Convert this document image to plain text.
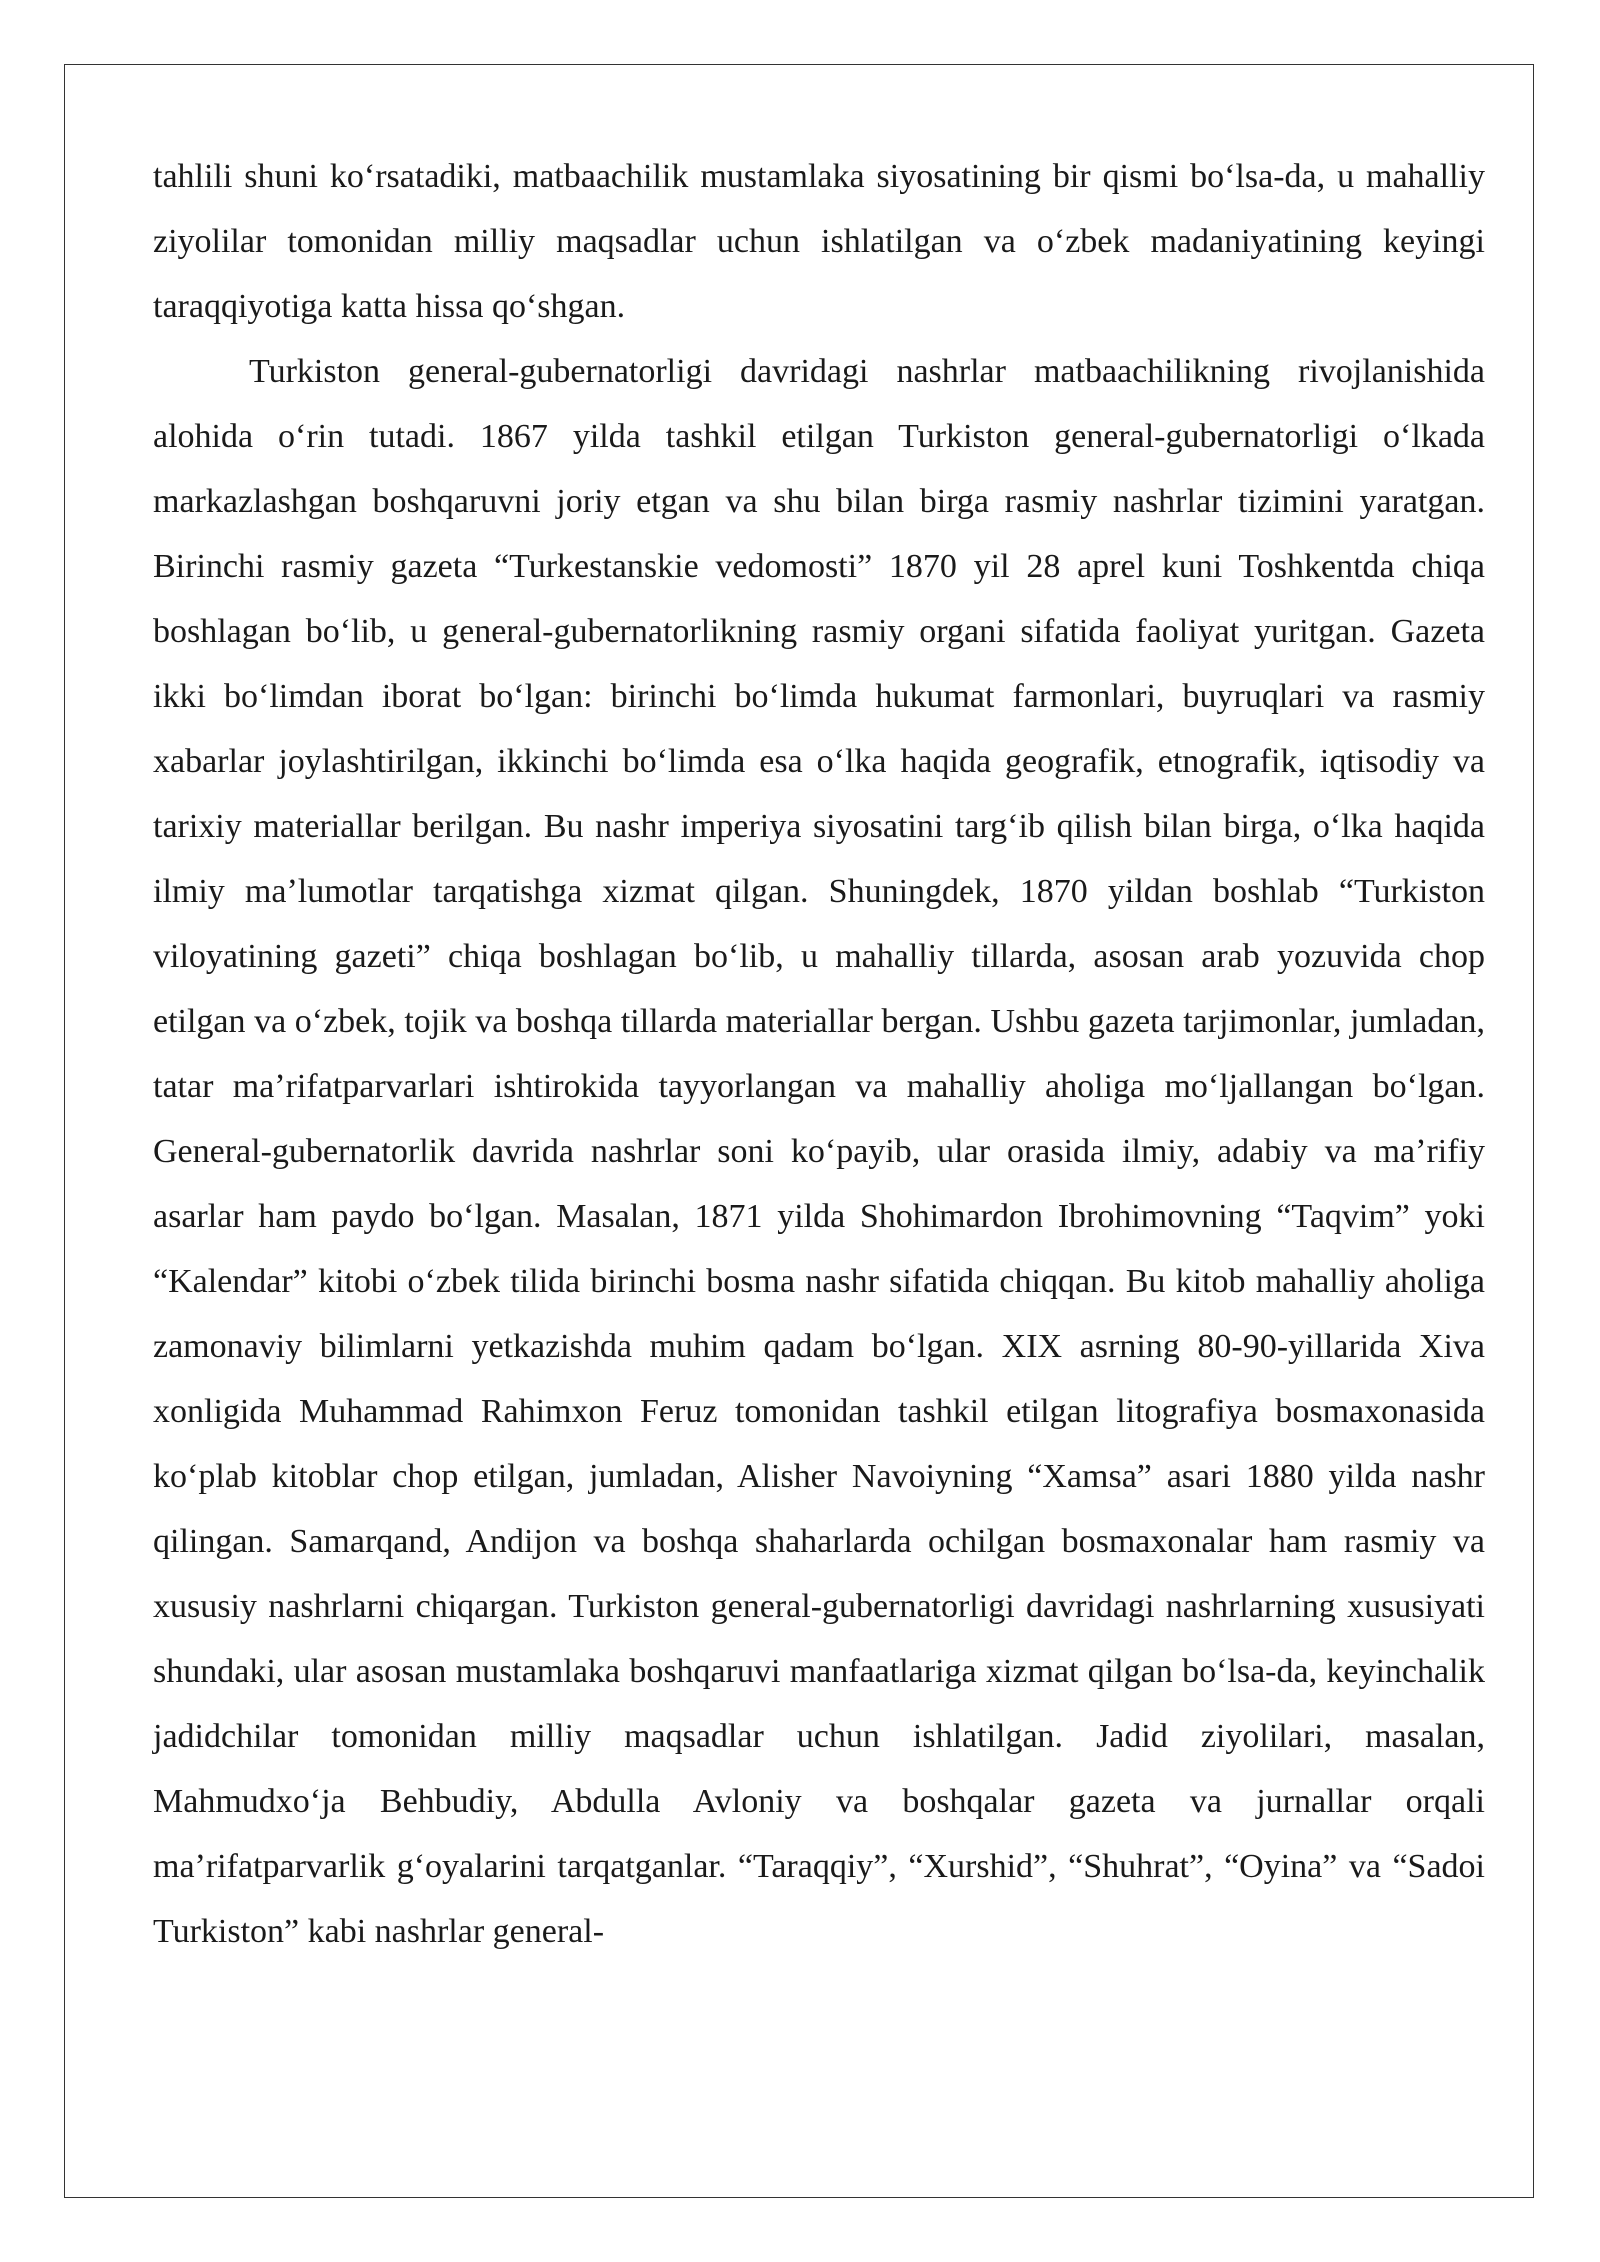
tahlili shuni koʻrsatadiki, matbaachilik mustamlaka siyosatining bir qismi boʻlsa-da, u mahalliy ziyolilar tomonidan milliy maqsadlar uchun ishlatilgan va oʻzbek madaniyatining keyingi taraqqiyotiga katta hissa qoʻshgan.

Turkiston general-gubernatorligi davridagi nashrlar matbaachilikning rivojlanishida alohida oʻrin tutadi. 1867 yilda tashkil etilgan Turkiston general-gubernatorligi oʻlkada markazlashgan boshqaruvni joriy etgan va shu bilan birga rasmiy nashrlar tizimini yaratgan. Birinchi rasmiy gazeta “Turkestanskie vedomosti” 1870 yil 28 aprel kuni Toshkentda chiqa boshlagan boʻlib, u general-gubernatorlikning rasmiy organi sifatida faoliyat yuritgan. Gazeta ikki boʻlimdan iborat boʻlgan: birinchi boʻlimda hukumat farmonlari, buyruqlari va rasmiy xabarlar joylashtirilgan, ikkinchi boʻlimda esa oʻlka haqida geografik, etnografik, iqtisodiy va tarixiy materiallar berilgan. Bu nashr imperiya siyosatini targʻib qilish bilan birga, oʻlka haqida ilmiy maʼlumotlar tarqatishga xizmat qilgan. Shuningdek, 1870 yildan boshlab “Turkiston viloyatining gazeti” chiqa boshlagan boʻlib, u mahalliy tillarda, asosan arab yozuvida chop etilgan va oʻzbek, tojik va boshqa tillarda materiallar bergan. Ushbu gazeta tarjimonlar, jumladan, tatar maʼrifatparvarlari ishtirokida tayyorlangan va mahalliy aholiga moʻljallangan boʻlgan. General-gubernatorlik davrida nashrlar soni koʻpayib, ular orasida ilmiy, adabiy va maʼrifiy asarlar ham paydo boʻlgan. Masalan, 1871 yilda Shohimardon Ibrohimovning “Taqvim” yoki “Kalendar” kitobi oʻzbek tilida birinchi bosma nashr sifatida chiqqan. Bu kitob mahalliy aholiga zamonaviy bilimlarni yetkazishda muhim qadam boʻlgan. XIX asrning 80-90-yillarida Xiva xonligida Muhammad Rahimxon Feruz tomonidan tashkil etilgan litografiya bosmaxonasida koʻplab kitoblar chop etilgan, jumladan, Alisher Navoiyning “Xamsa” asari 1880 yilda nashr qilingan. Samarqand, Andijon va boshqa shaharlarda ochilgan bosmaxonalar ham rasmiy va xususiy nashrlarni chiqargan. Turkiston general-gubernatorligi davridagi nashrlarning xususiyati shundaki, ular asosan mustamlaka boshqaruvi manfaatlariga xizmat qilgan boʻlsa-da, keyinchalik jadidchilar tomonidan milliy maqsadlar uchun ishlatilgan. Jadid ziyolilari, masalan, Mahmudxoʻja Behbudiy, Abdulla Avloniy va boshqalar gazeta va jurnallar orqali maʼrifatparvarlik gʻoyalarini tarqatganlar. “Taraqqiy”, “Xurshid”, “Shuhrat”, “Oyina” va “Sadoi Turkiston” kabi nashrlar general-
